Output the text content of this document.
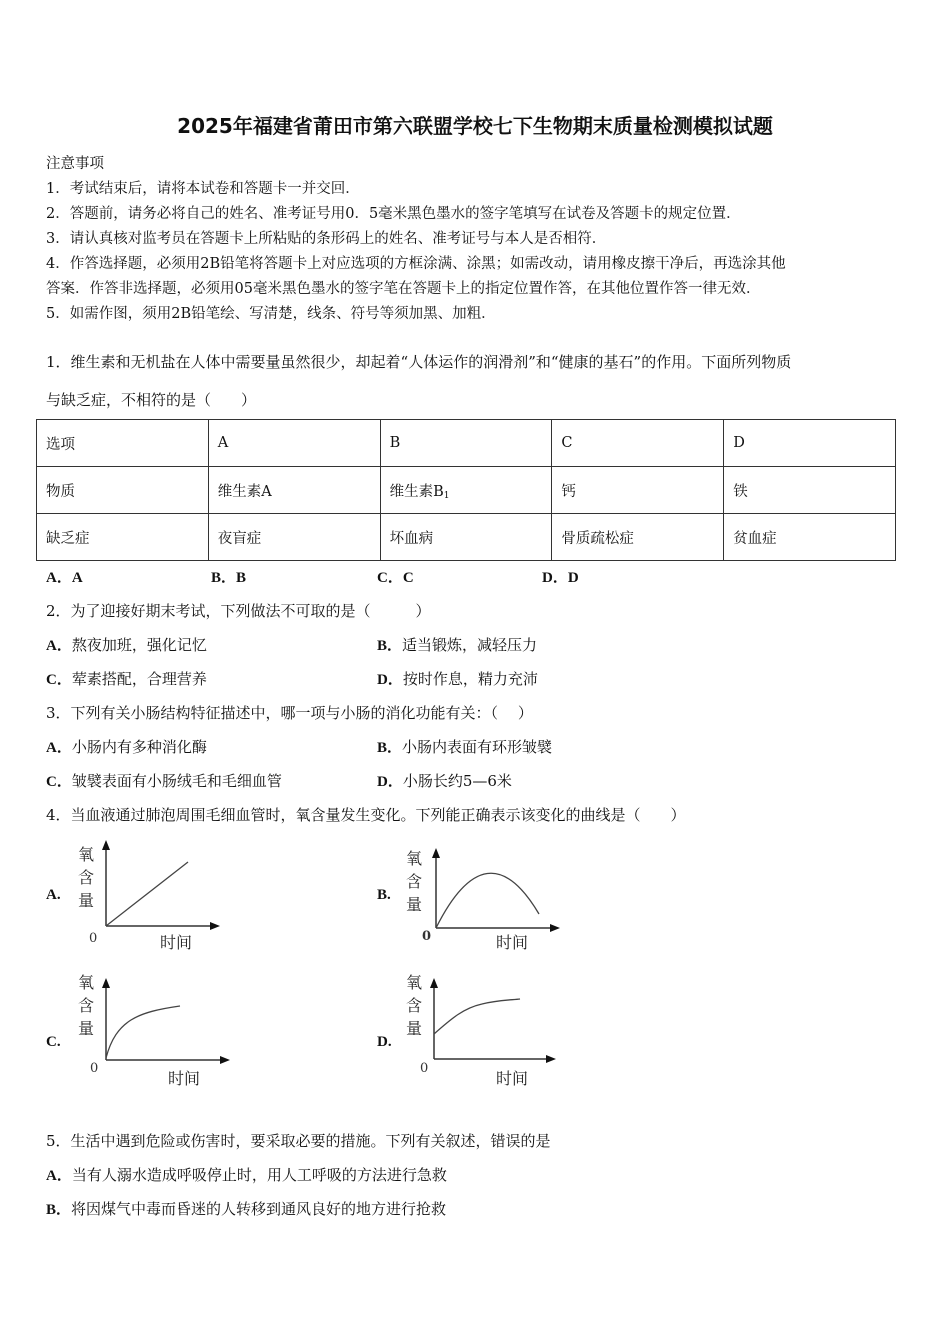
2025年福建省莆田市第六联盟学校七下生物期末质量检测模拟试题
注意事项
1．考试结束后，请将本试卷和答题卡一并交回．
2．答题前，请务必将自己的姓名、准考证号用0．5毫米黑色墨水的签字笔填写在试卷及答题卡的规定位置．
3．请认真核对监考员在答题卡上所粘贴的条形码上的姓名、准考证号与本人是否相符．
4．作答选择题，必须用2B铅笔将答题卡上对应选项的方框涂满、涂黑；如需改动，请用橡皮擦干净后，再选涂其他
答案．作答非选择题，必须用05毫米黑色墨水的签字笔在答题卡上的指定位置作答，在其他位置作答一律无效．
5．如需作图，须用2B铅笔绘、写清楚，线条、符号等须加黑、加粗．
1．维生素和无机盐在人体中需要量虽然很少，却起着“人体运作的润滑剂”和“健康的基石”的作用。下面所列物质
与缺乏症，不相符的是（　　）
选项	A	B	C	D
物质	维生素A	维生素$B_1$	钙	铁
缺乏症	夜盲症	坏血病	骨质疏松症	贫血症
A．A	B．B	C．C	D．D
2．为了迎接好期末考试，下列做法不可取的是（　　　）
A．熬夜加班，强化记忆	B．适当锻炼，减轻压力
C．荤素搭配，合理营养	D．按时作息，精力充沛
3．下列有关小肠结构特征描述中，哪一项与小肠的消化功能有关：（　 ）
A．小肠内有多种消化酶	B．小肠内表面有环形皱襞
C．皱襞表面有小肠绒毛和毛细血管	D．小肠长约5—6米
4．当血液通过肺泡周围毛细血管时，氧含量发生变化。下列能正确表示该变化的曲线是（　　）
A.
氧
含
量
0	时间
B.
氧
含
量
0	时间
C.
氧
含
量
0
时间
D.
氧
含
量
0
时间
5．生活中遇到危险或伤害时，要采取必要的措施。下列有关叙述，错误的是
A．当有人溺水造成呼吸停止时，用人工呼吸的方法进行急救
B．将因煤气中毒而昏迷的人转移到通风良好的地方进行抢救
